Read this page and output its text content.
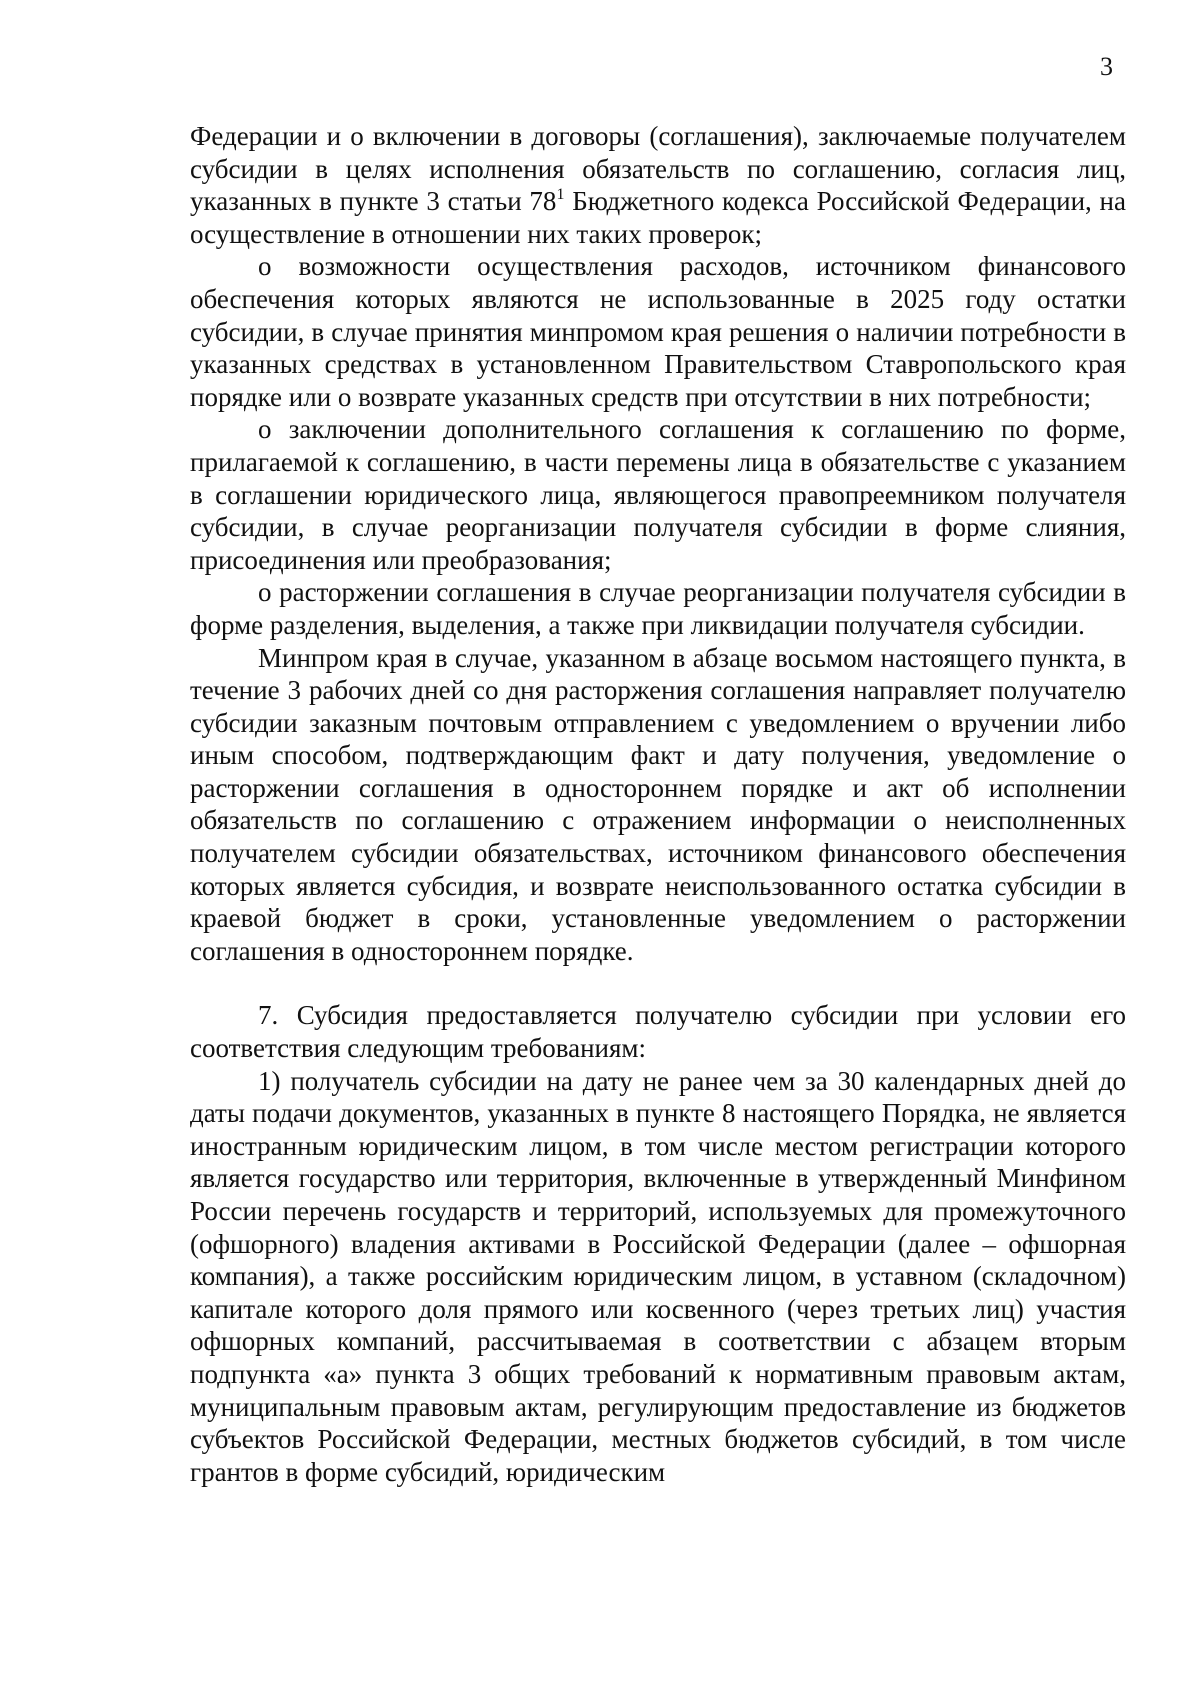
3

Федерации и о включении в договоры (соглашения), заключаемые получателем субсидии в целях исполнения обязательств по соглашению, согласия лиц, указанных в пункте 3 статьи $78^1$ Бюджетного кодекса Российской Федерации, на осуществление в отношении них таких проверок;

о возможности осуществления расходов, источником финансового обеспечения которых являются не использованные в 2025 году остатки субсидии, в случае принятия минпромом края решения о наличии потребности в указанных средствах в установленном Правительством Ставропольского края порядке или о возврате указанных средств при отсутствии в них потребности;

о заключении дополнительного соглашения к соглашению по форме, прилагаемой к соглашению, в части перемены лица в обязательстве с указанием в соглашении юридического лица, являющегося правопреемником получателя субсидии, в случае реорганизации получателя субсидии в форме слияния, присоединения или преобразования;

о расторжении соглашения в случае реорганизации получателя субсидии в форме разделения, выделения, а также при ликвидации получателя субсидии.

Минпром края в случае, указанном в абзаце восьмом настоящего пункта, в течение 3 рабочих дней со дня расторжения соглашения направляет получателю субсидии заказным почтовым отправлением с уведомлением о вручении либо иным способом, подтверждающим факт и дату получения, уведомление о расторжении соглашения в одностороннем порядке и акт об исполнении обязательств по соглашению с отражением информации о неисполненных получателем субсидии обязательствах, источником финансового обеспечения которых является субсидия, и возврате неиспользованного остатка субсидии в краевой бюджет в сроки, установленные уведомлением о расторжении соглашения в одностороннем порядке.

7. Субсидия предоставляется получателю субсидии при условии его соответствия следующим требованиям:

1) получатель субсидии на дату не ранее чем за 30 календарных дней до даты подачи документов, указанных в пункте 8 настоящего Порядка, не является иностранным юридическим лицом, в том числе местом регистрации которого является государство или территория, включенные в утвержденный Минфином России перечень государств и территорий, используемых для промежуточного (офшорного) владения активами в Российской Федерации (далее – офшорная компания), а также российским юридическим лицом, в уставном (складочном) капитале которого доля прямого или косвенного (через третьих лиц) участия офшорных компаний, рассчитываемая в соответствии с абзацем вторым подпункта «а» пункта 3 общих требований к нормативным правовым актам, муниципальным правовым актам, регулирующим предоставление из бюджетов субъектов Российской Федерации, местных бюджетов субсидий, в том числе грантов в форме субсидий, юридическим
